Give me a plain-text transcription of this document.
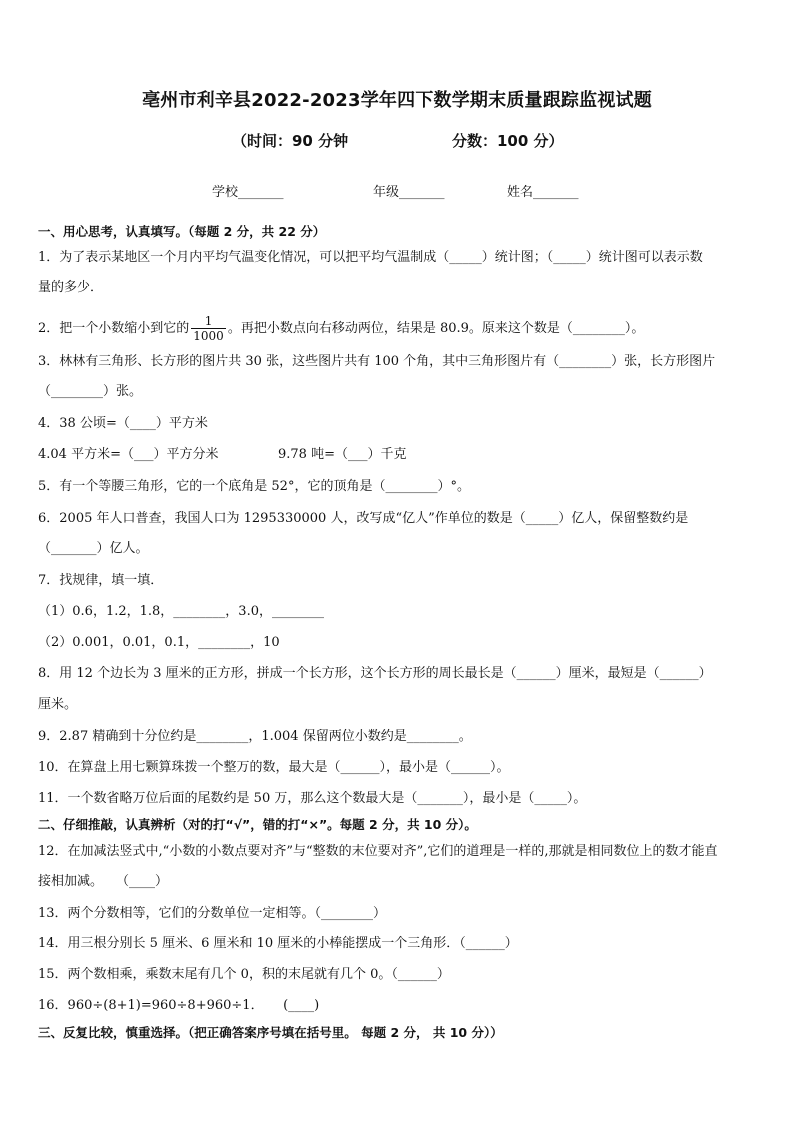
亳州市利辛县2022-2023学年四下数学期末质量跟踪监视试题
（时间：90 分钟	分数：100 分）
学校_______	年级_______	姓名_______
一、用心思考，认真填写。（每题 2 分，共 22 分）
1．为了表示某地区一个月内平均气温变化情况，可以把平均气温制成（_____）统计图；（_____）统计图可以表示数
量的多少．
2．把一个小数缩小到它的 $\frac{1}{1000}$ 。再把小数点向右移动两位，结果是 80.9。原来这个数是（________）。
3．林林有三角形、长方形的图片共 30 张，这些图片共有 100 个角，其中三角形图片有（________）张，长方形图片
（________）张。
4．38 公顷=（____）平方米
4.04 平方米=（___）平方分米	9.78 吨=（___）千克
5．有一个等腰三角形，它的一个底角是 52°，它的顶角是（________）°。
6．2005 年人口普查，我国人口为 1295330000 人，改写成“亿人”作单位的数是（_____）亿人，保留整数约是
（_______）亿人。
7．找规律，填一填．
（1）0.6，1.2，1.8，________，3.0，________
（2）0.001，0.01，0.1，________，10
8．用 12 个边长为 3 厘米的正方形，拼成一个长方形，这个长方形的周长最长是（______）厘米，最短是（______）
厘米。
9．2.87 精确到十分位约是________，1.004 保留两位小数约是________。
10．在算盘上用七颗算珠拨一个整万的数，最大是（______），最小是（______）。
11．一个数省略万位后面的尾数约是 50 万，那么这个数最大是（_______），最小是（_____）。
二、仔细推敲，认真辨析（对的打“√”，错的打“×”。每题 2 分，共 10 分）。
12．在加减法竖式中,“小数的小数点要对齐”与“整数的末位要对齐”,它们的道理是一样的,那就是相同数位上的数才能直
接相加减。　　（____）
13．两个分数相等，它们的分数单位一定相等。（________）
14．用三根分别长 5 厘米、6 厘米和 10 厘米的小棒能摆成一个三角形．（______）
15．两个数相乘，乘数末尾有几个 0，积的末尾就有几个 0。（______）
16．960÷(8+1)=960÷8+960÷1．　　(____)
三、反复比较，慎重选择。（把正确答案序号填在括号里。 每题 2 分， 共 10 分））
